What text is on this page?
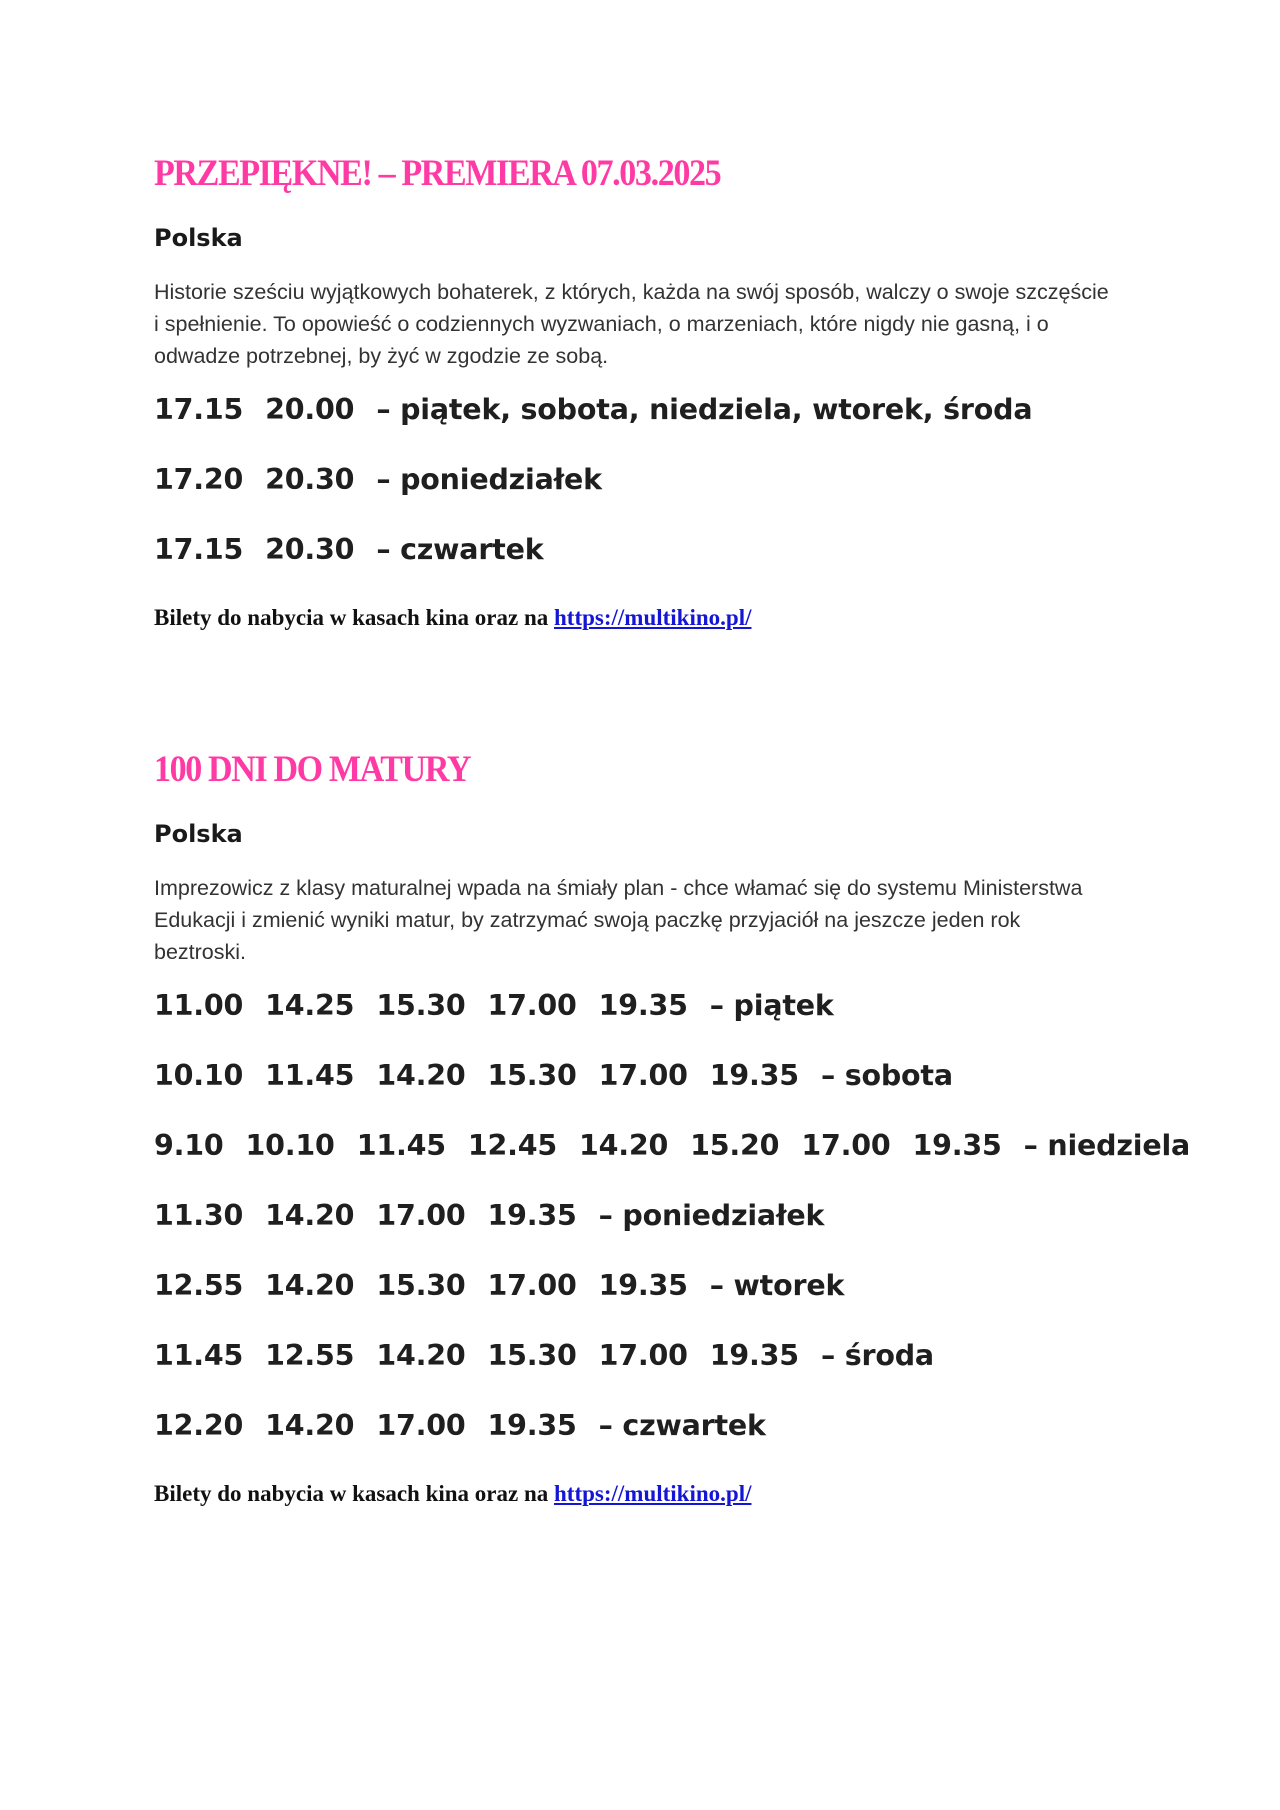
PRZEPIĘKNE! – PREMIERA 07.03.2025

Polska

Historie sześciu wyjątkowych bohaterek, z których, każda na swój sposób, walczy o swoje szczęście i spełnienie. To opowieść o codziennych wyzwaniach, o marzeniach, które nigdy nie gasną, i o odwadze potrzebnej, by żyć w zgodzie ze sobą.

17.15 20.00 – piątek, sobota, niedziela, wtorek, środa
17.20 20.30 – poniedziałek
17.15 20.30 – czwartek

Bilety do nabycia w kasach kina oraz na https://multikino.pl/

100 DNI DO MATURY

Polska

Imprezowicz z klasy maturalnej wpada na śmiały plan - chce włamać się do systemu Ministerstwa Edukacji i zmienić wyniki matur, by zatrzymać swoją paczkę przyjaciół na jeszcze jeden rok beztroski.

11.00 14.25 15.30 17.00 19.35 – piątek
10.10 11.45 14.20 15.30 17.00 19.35 – sobota
9.10 10.10 11.45 12.45 14.20 15.20 17.00 19.35 – niedziela
11.30 14.20 17.00 19.35 – poniedziałek
12.55 14.20 15.30 17.00 19.35 – wtorek
11.45 12.55 14.20 15.30 17.00 19.35 – środa
12.20 14.20 17.00 19.35 – czwartek

Bilety do nabycia w kasach kina oraz na https://multikino.pl/
